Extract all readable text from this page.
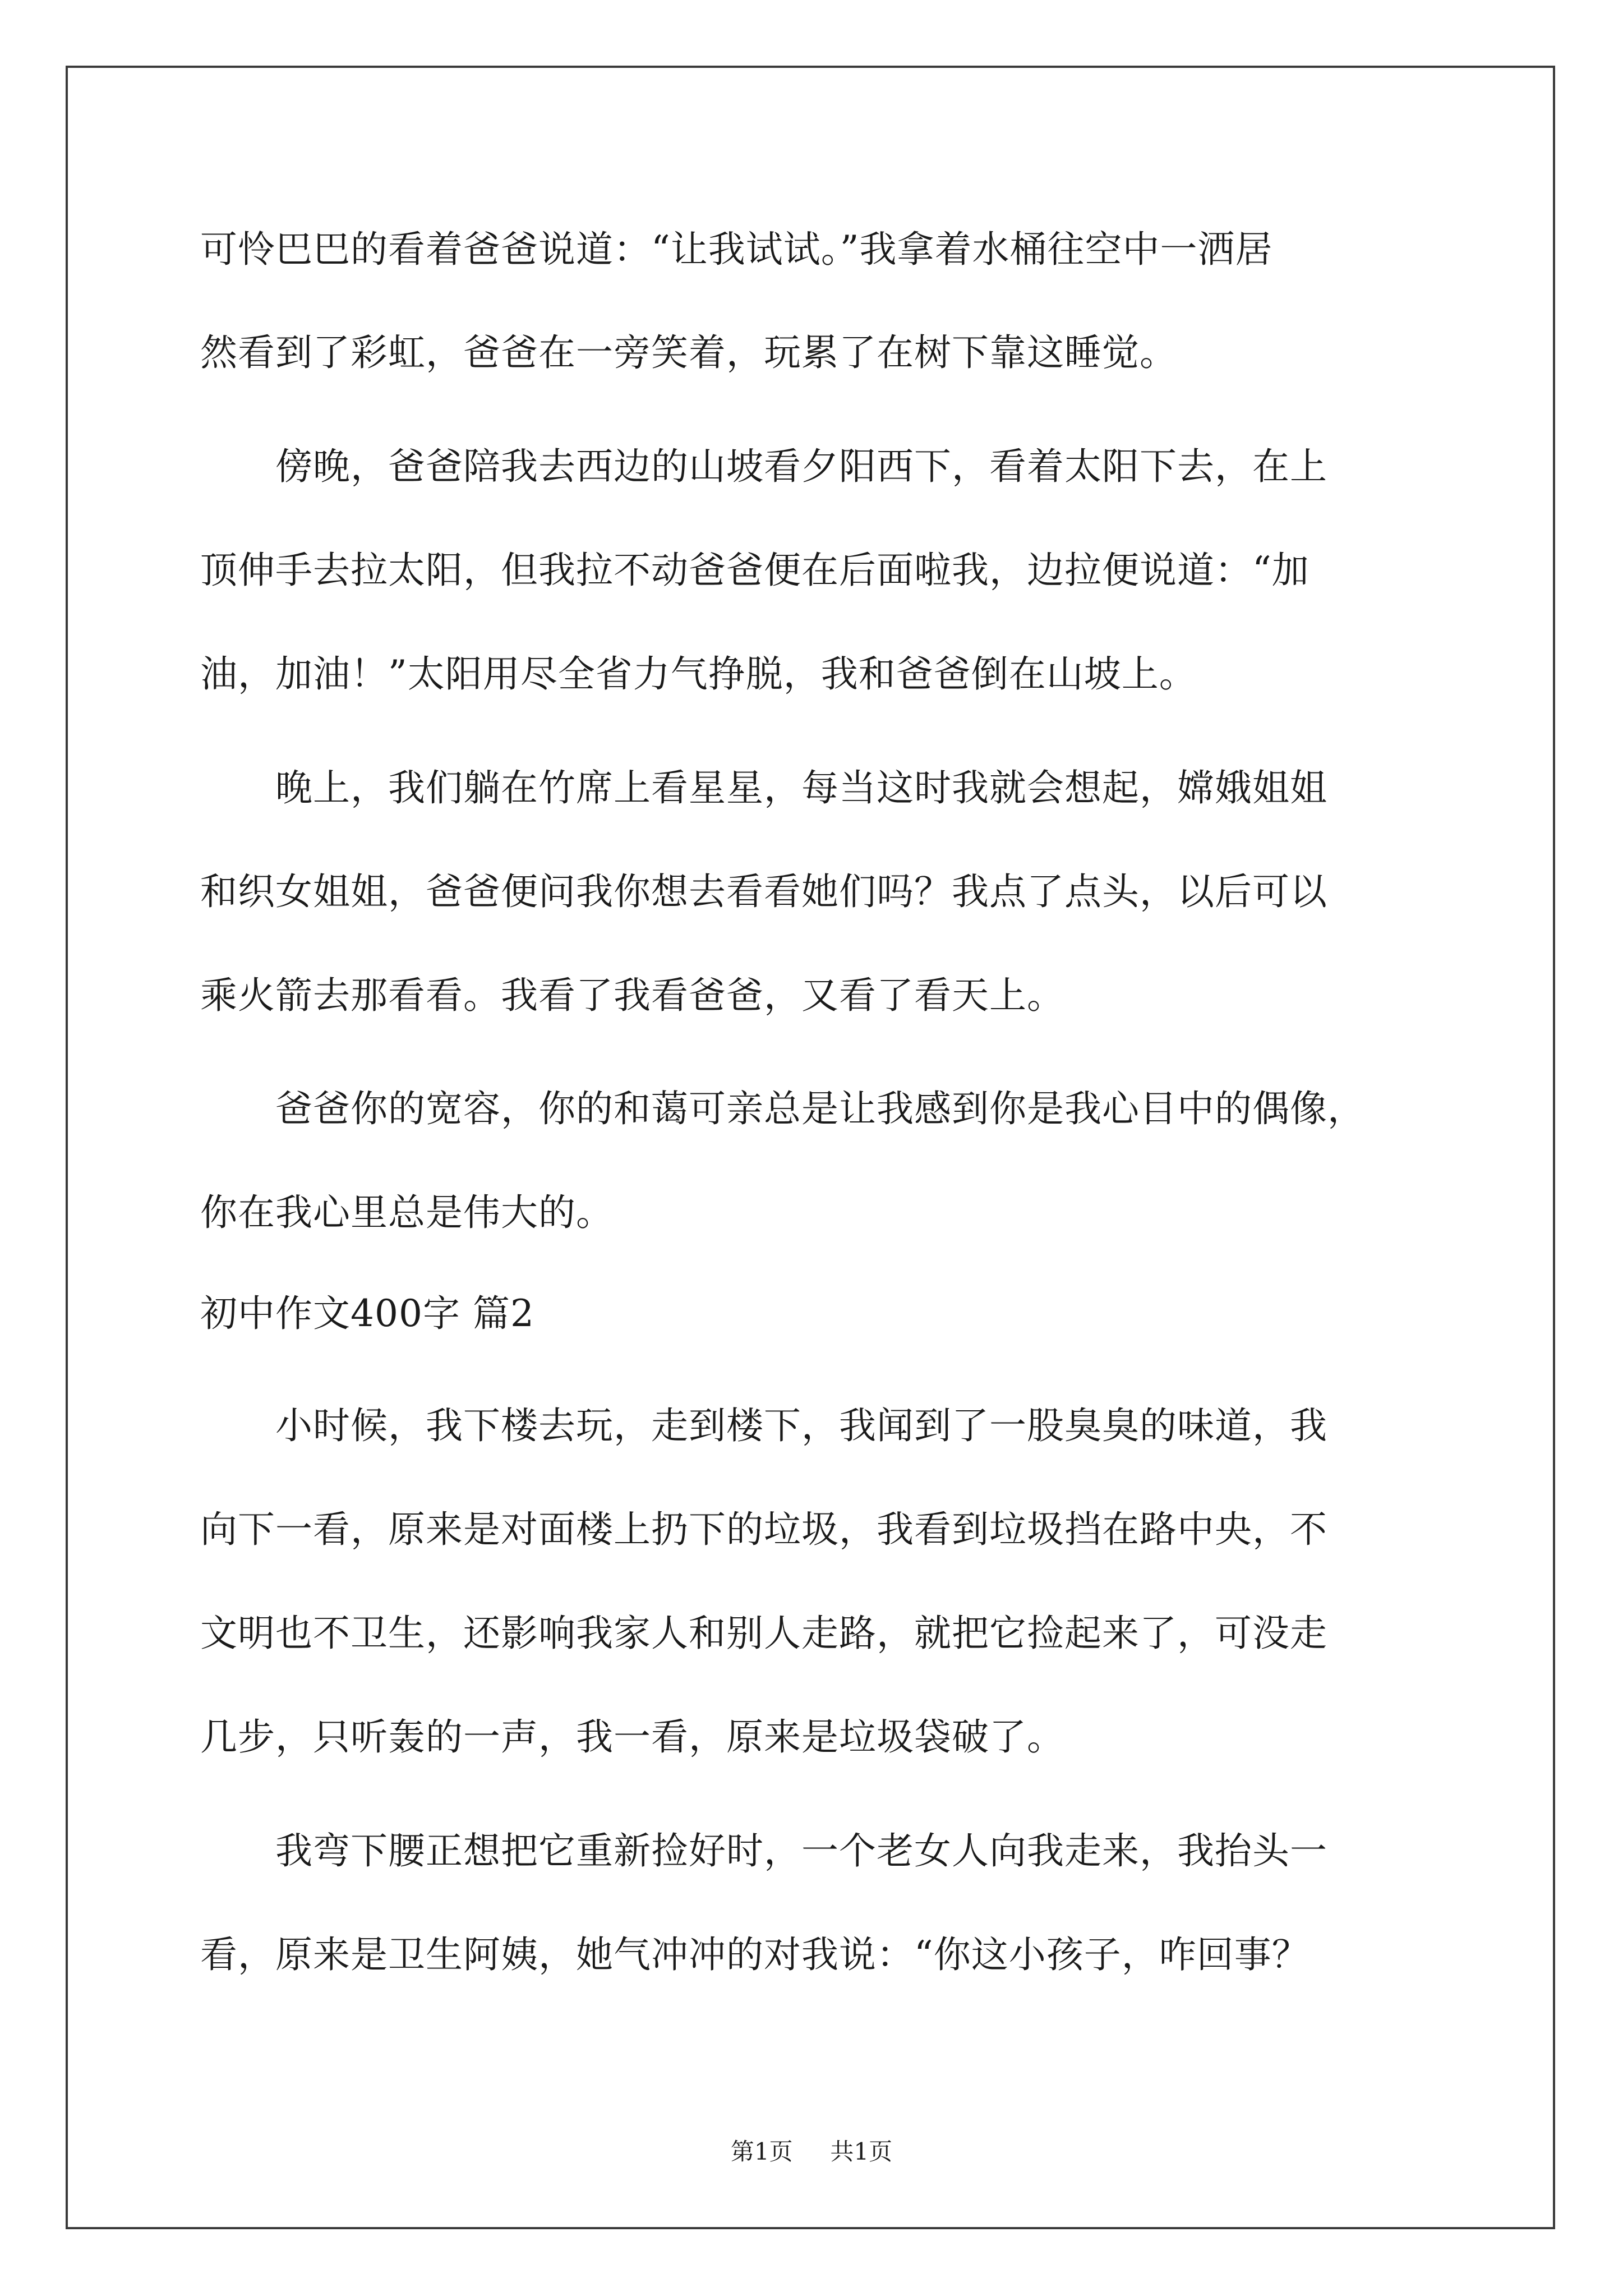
可怜巴巴的看着爸爸说道：“让我试试。”我拿着水桶往空中一洒居
然看到了彩虹，爸爸在一旁笑着，玩累了在树下靠这睡觉。
　　傍晚，爸爸陪我去西边的山坡看夕阳西下，看着太阳下去，在上
顶伸手去拉太阳，但我拉不动爸爸便在后面啦我，边拉便说道：“加
油，加油！”太阳用尽全省力气挣脱，我和爸爸倒在山坡上。
　　晚上，我们躺在竹席上看星星，每当这时我就会想起，嫦娥姐姐
和织女姐姐，爸爸便问我你想去看看她们吗？我点了点头，以后可以
乘火箭去那看看。我看了我看爸爸，又看了看天上。
　　爸爸你的宽容，你的和蔼可亲总是让我感到你是我心目中的偶像，
你在我心里总是伟大的。
初中作文400字 篇2
　　小时候，我下楼去玩，走到楼下，我闻到了一股臭臭的味道，我
向下一看，原来是对面楼上扔下的垃圾，我看到垃圾挡在路中央，不
文明也不卫生，还影响我家人和别人走路，就把它捡起来了，可没走
几步，只听轰的一声，我一看，原来是垃圾袋破了。
　　我弯下腰正想把它重新捡好时，一个老女人向我走来，我抬头一
看，原来是卫生阿姨，她气冲冲的对我说：“你这小孩子，咋回事？
第1页 共1页
